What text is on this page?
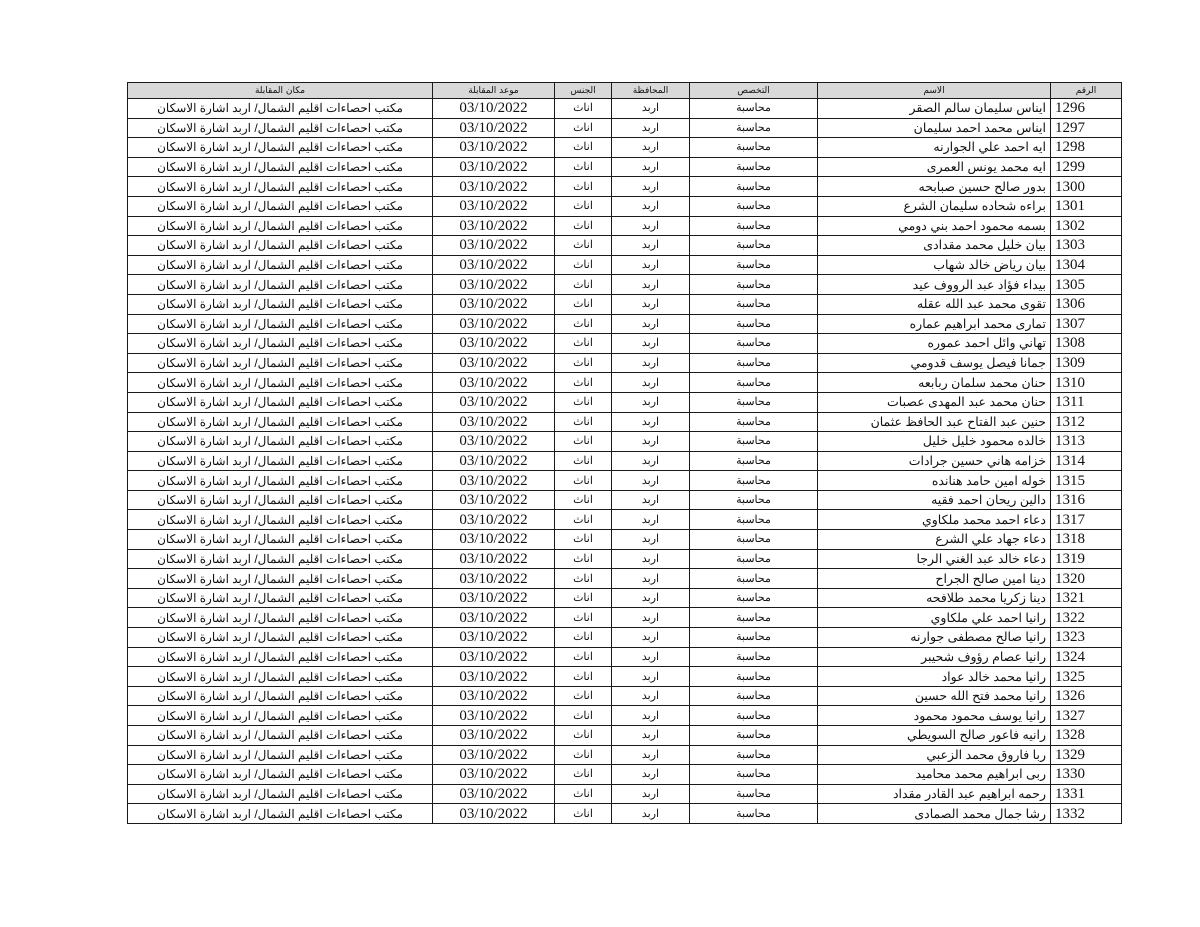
الرقم	الاسم	التخصص	المحافظة	الجنس	موعد المقابلة	مكان المقابلة
1296	ايناس سليمان سالم الصقر	محاسبة	اربد	اناث	03/10/2022	مكتب احصاءات اقليم الشمال/ اربد اشارة الاسكان
1297	ايناس محمد احمد سليمان	محاسبة	اربد	اناث	03/10/2022	مكتب احصاءات اقليم الشمال/ اربد اشارة الاسكان
1298	ايه احمد علي الجوارنه	محاسبة	اربد	اناث	03/10/2022	مكتب احصاءات اقليم الشمال/ اربد اشارة الاسكان
1299	ايه محمد يونس العمرى	محاسبة	اربد	اناث	03/10/2022	مكتب احصاءات اقليم الشمال/ اربد اشارة الاسكان
1300	بدور صالح حسين صبابحه	محاسبة	اربد	اناث	03/10/2022	مكتب احصاءات اقليم الشمال/ اربد اشارة الاسكان
1301	براءه شحاده سليمان الشرع	محاسبة	اربد	اناث	03/10/2022	مكتب احصاءات اقليم الشمال/ اربد اشارة الاسكان
1302	بسمه محمود احمد بني دومي	محاسبة	اربد	اناث	03/10/2022	مكتب احصاءات اقليم الشمال/ اربد اشارة الاسكان
1303	بيان خليل محمد مقدادى	محاسبة	اربد	اناث	03/10/2022	مكتب احصاءات اقليم الشمال/ اربد اشارة الاسكان
1304	بيان رياض خالد شهاب	محاسبة	اربد	اناث	03/10/2022	مكتب احصاءات اقليم الشمال/ اربد اشارة الاسكان
1305	بيداء فؤاد عبد الرووف عيد	محاسبة	اربد	اناث	03/10/2022	مكتب احصاءات اقليم الشمال/ اربد اشارة الاسكان
1306	تقوى محمد عبد الله عقله	محاسبة	اربد	اناث	03/10/2022	مكتب احصاءات اقليم الشمال/ اربد اشارة الاسكان
1307	تمارى محمد ابراهيم عماره	محاسبة	اربد	اناث	03/10/2022	مكتب احصاءات اقليم الشمال/ اربد اشارة الاسكان
1308	تهاني وائل احمد عموره	محاسبة	اربد	اناث	03/10/2022	مكتب احصاءات اقليم الشمال/ اربد اشارة الاسكان
1309	جمانا فيصل يوسف قدومي	محاسبة	اربد	اناث	03/10/2022	مكتب احصاءات اقليم الشمال/ اربد اشارة الاسكان
1310	حنان محمد سلمان ربابعه	محاسبة	اربد	اناث	03/10/2022	مكتب احصاءات اقليم الشمال/ اربد اشارة الاسكان
1311	حنان محمد عبد المهدى عصبات	محاسبة	اربد	اناث	03/10/2022	مكتب احصاءات اقليم الشمال/ اربد اشارة الاسكان
1312	حنين عبد الفتاح عبد الحافظ عثمان	محاسبة	اربد	اناث	03/10/2022	مكتب احصاءات اقليم الشمال/ اربد اشارة الاسكان
1313	خالده محمود خليل خليل	محاسبة	اربد	اناث	03/10/2022	مكتب احصاءات اقليم الشمال/ اربد اشارة الاسكان
1314	خزامه هاني حسين جرادات	محاسبة	اربد	اناث	03/10/2022	مكتب احصاءات اقليم الشمال/ اربد اشارة الاسكان
1315	خوله امين حامد هنانده	محاسبة	اربد	اناث	03/10/2022	مكتب احصاءات اقليم الشمال/ اربد اشارة الاسكان
1316	دالين ريحان احمد فقيه	محاسبة	اربد	اناث	03/10/2022	مكتب احصاءات اقليم الشمال/ اربد اشارة الاسكان
1317	دعاء احمد محمد ملكاوي	محاسبة	اربد	اناث	03/10/2022	مكتب احصاءات اقليم الشمال/ اربد اشارة الاسكان
1318	دعاء جهاد علي الشرع	محاسبة	اربد	اناث	03/10/2022	مكتب احصاءات اقليم الشمال/ اربد اشارة الاسكان
1319	دعاء خالد عبد الغني الرجا	محاسبة	اربد	اناث	03/10/2022	مكتب احصاءات اقليم الشمال/ اربد اشارة الاسكان
1320	دينا امين صالح الجراح	محاسبة	اربد	اناث	03/10/2022	مكتب احصاءات اقليم الشمال/ اربد اشارة الاسكان
1321	دينا زكريا محمد طلافحه	محاسبة	اربد	اناث	03/10/2022	مكتب احصاءات اقليم الشمال/ اربد اشارة الاسكان
1322	رانيا احمد علي ملكاوي	محاسبة	اربد	اناث	03/10/2022	مكتب احصاءات اقليم الشمال/ اربد اشارة الاسكان
1323	رانيا صالح مصطفى جوارنه	محاسبة	اربد	اناث	03/10/2022	مكتب احصاءات اقليم الشمال/ اربد اشارة الاسكان
1324	رانيا عصام رؤوف شحيبر	محاسبة	اربد	اناث	03/10/2022	مكتب احصاءات اقليم الشمال/ اربد اشارة الاسكان
1325	رانيا محمد خالد عواد	محاسبة	اربد	اناث	03/10/2022	مكتب احصاءات اقليم الشمال/ اربد اشارة الاسكان
1326	رانيا محمد فتح الله حسين	محاسبة	اربد	اناث	03/10/2022	مكتب احصاءات اقليم الشمال/ اربد اشارة الاسكان
1327	رانيا يوسف محمود محمود	محاسبة	اربد	اناث	03/10/2022	مكتب احصاءات اقليم الشمال/ اربد اشارة الاسكان
1328	رانيه فاعور صالح السويطي	محاسبة	اربد	اناث	03/10/2022	مكتب احصاءات اقليم الشمال/ اربد اشارة الاسكان
1329	ربا فاروق محمد الزعبي	محاسبة	اربد	اناث	03/10/2022	مكتب احصاءات اقليم الشمال/ اربد اشارة الاسكان
1330	ربى ابراهيم محمد محاميد	محاسبة	اربد	اناث	03/10/2022	مكتب احصاءات اقليم الشمال/ اربد اشارة الاسكان
1331	رحمه ابراهيم عبد القادر مقداد	محاسبة	اربد	اناث	03/10/2022	مكتب احصاءات اقليم الشمال/ اربد اشارة الاسكان
1332	رشا جمال محمد الصمادى	محاسبة	اربد	اناث	03/10/2022	مكتب احصاءات اقليم الشمال/ اربد اشارة الاسكان
